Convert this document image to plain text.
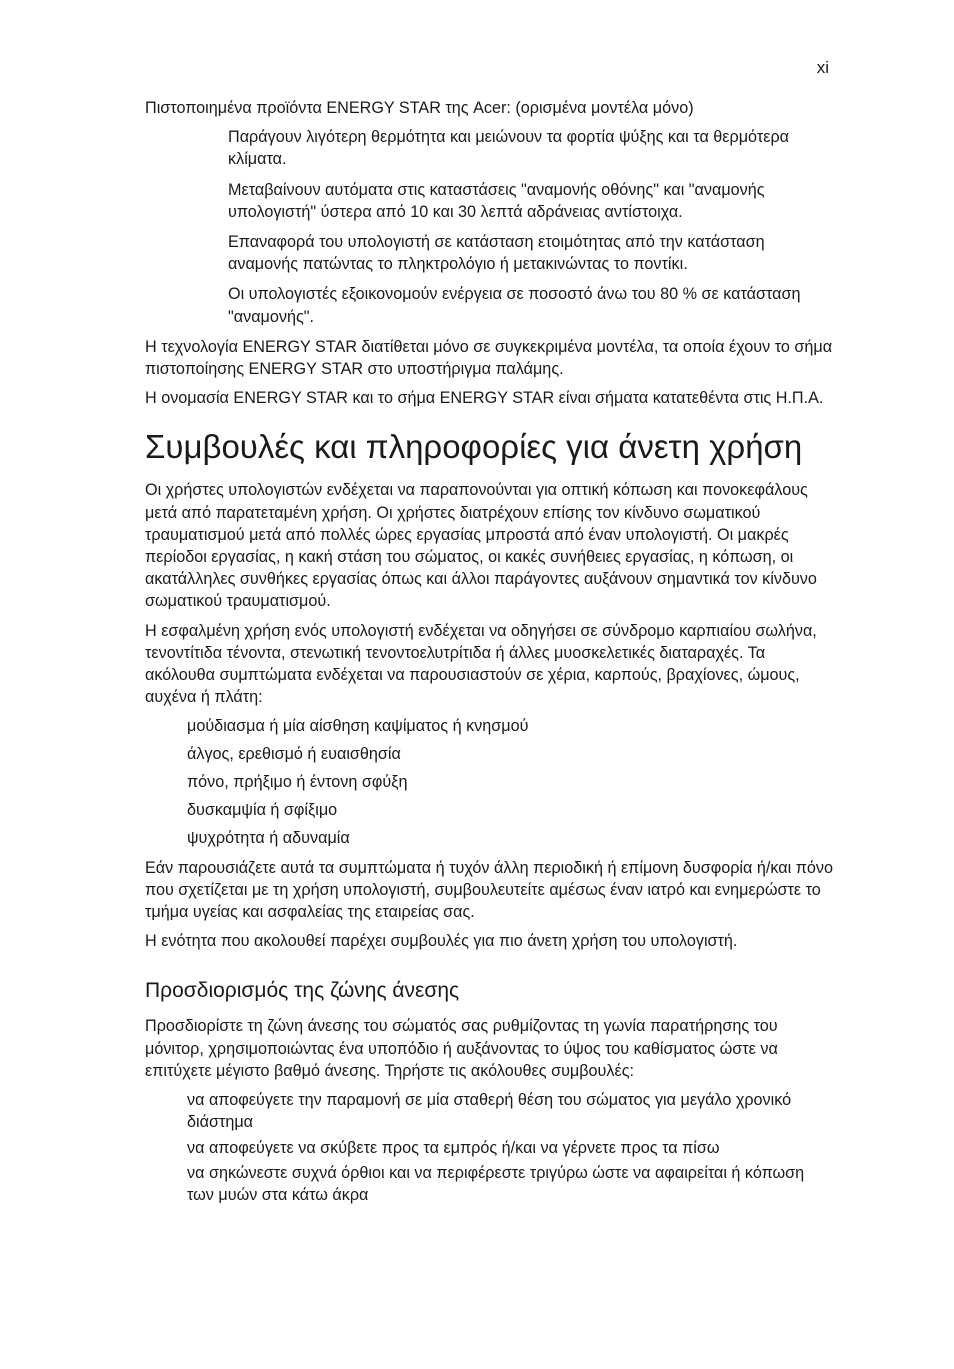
xi

Πιστοποιημένα προϊόντα ENERGY STAR της Acer: (ορισμένα μοντέλα μόνο)

Παράγουν λιγότερη θερμότητα και μειώνουν τα φορτία ψύξης και τα θερμότερα κλίματα.

Μεταβαίνουν αυτόματα στις καταστάσεις "αναμονής οθόνης" και "αναμονής υπολογιστή" ύστερα από 10 και 30 λεπτά αδράνειας αντίστοιχα.

Επαναφορά του υπολογιστή σε κατάσταση ετοιμότητας από την κατάσταση αναμονής πατώντας το πληκτρολόγιο ή μετακινώντας το ποντίκι.

Οι υπολογιστές εξοικονομούν ενέργεια σε ποσοστό άνω του 80 % σε κατάσταση "αναμονής".

Η τεχνολογία ENERGY STAR διατίθεται μόνο σε συγκεκριμένα μοντέλα, τα οποία έχουν το σήμα πιστοποίησης ENERGY STAR στο υποστήριγμα παλάμης.

Η ονομασία ENERGY STAR και το σήμα ENERGY STAR είναι σήματα κατατεθέντα στις Η.Π.Α.

Συμβουλές και πληροφορίες για άνετη χρήση

Οι χρήστες υπολογιστών ενδέχεται να παραπονούνται για οπτική κόπωση και πονοκεφάλους μετά από παρατεταμένη χρήση. Οι χρήστες διατρέχουν επίσης τον κίνδυνο σωματικού τραυματισμού μετά από πολλές ώρες εργασίας μπροστά από έναν υπολογιστή. Οι μακρές περίοδοι εργασίας, η κακή στάση του σώματος, οι κακές συνήθειες εργασίας, η κόπωση, οι ακατάλληλες συνθήκες εργασίας όπως και άλλοι παράγοντες αυξάνουν σημαντικά τον κίνδυνο σωματικού τραυματισμού.

Η εσφαλμένη χρήση ενός υπολογιστή ενδέχεται να οδηγήσει σε σύνδρομο καρπιαίου σωλήνα, τενοντίτιδα τένοντα, στενωτική τενοντοελυτρίτιδα ή άλλες μυοσκελετικές διαταραχές. Τα ακόλουθα συμπτώματα ενδέχεται να παρουσιαστούν σε χέρια, καρπούς, βραχίονες, ώμους, αυχένα ή πλάτη:

μούδιασμα ή μία αίσθηση καψίματος ή κνησμού
άλγος, ερεθισμό ή ευαισθησία
πόνο, πρήξιμο ή έντονη σφύξη
δυσκαμψία ή σφίξιμο
ψυχρότητα ή αδυναμία

Εάν παρουσιάζετε αυτά τα συμπτώματα ή τυχόν άλλη περιοδική ή επίμονη δυσφορία ή/και πόνο που σχετίζεται με τη χρήση υπολογιστή, συμβουλευτείτε αμέσως έναν ιατρό και ενημερώστε το τμήμα υγείας και ασφαλείας της εταιρείας σας.

Η ενότητα που ακολουθεί παρέχει συμβουλές για πιο άνετη χρήση του υπολογιστή.

Προσδιορισμός της ζώνης άνεσης

Προσδιορίστε τη ζώνη άνεσης του σώματός σας ρυθμίζοντας τη γωνία παρατήρησης του μόνιτορ, χρησιμοποιώντας ένα υποπόδιο ή αυξάνοντας το ύψος του καθίσματος ώστε να επιτύχετε μέγιστο βαθμό άνεσης. Τηρήστε τις ακόλουθες συμβουλές:

να αποφεύγετε την παραμονή σε μία σταθερή θέση του σώματος για μεγάλο χρονικό διάστημα
να αποφεύγετε να σκύβετε προς τα εμπρός ή/και να γέρνετε προς τα πίσω
να σηκώνεστε συχνά όρθιοι και να περιφέρεστε τριγύρω ώστε να αφαιρείται ή κόπωση των μυών στα κάτω άκρα
